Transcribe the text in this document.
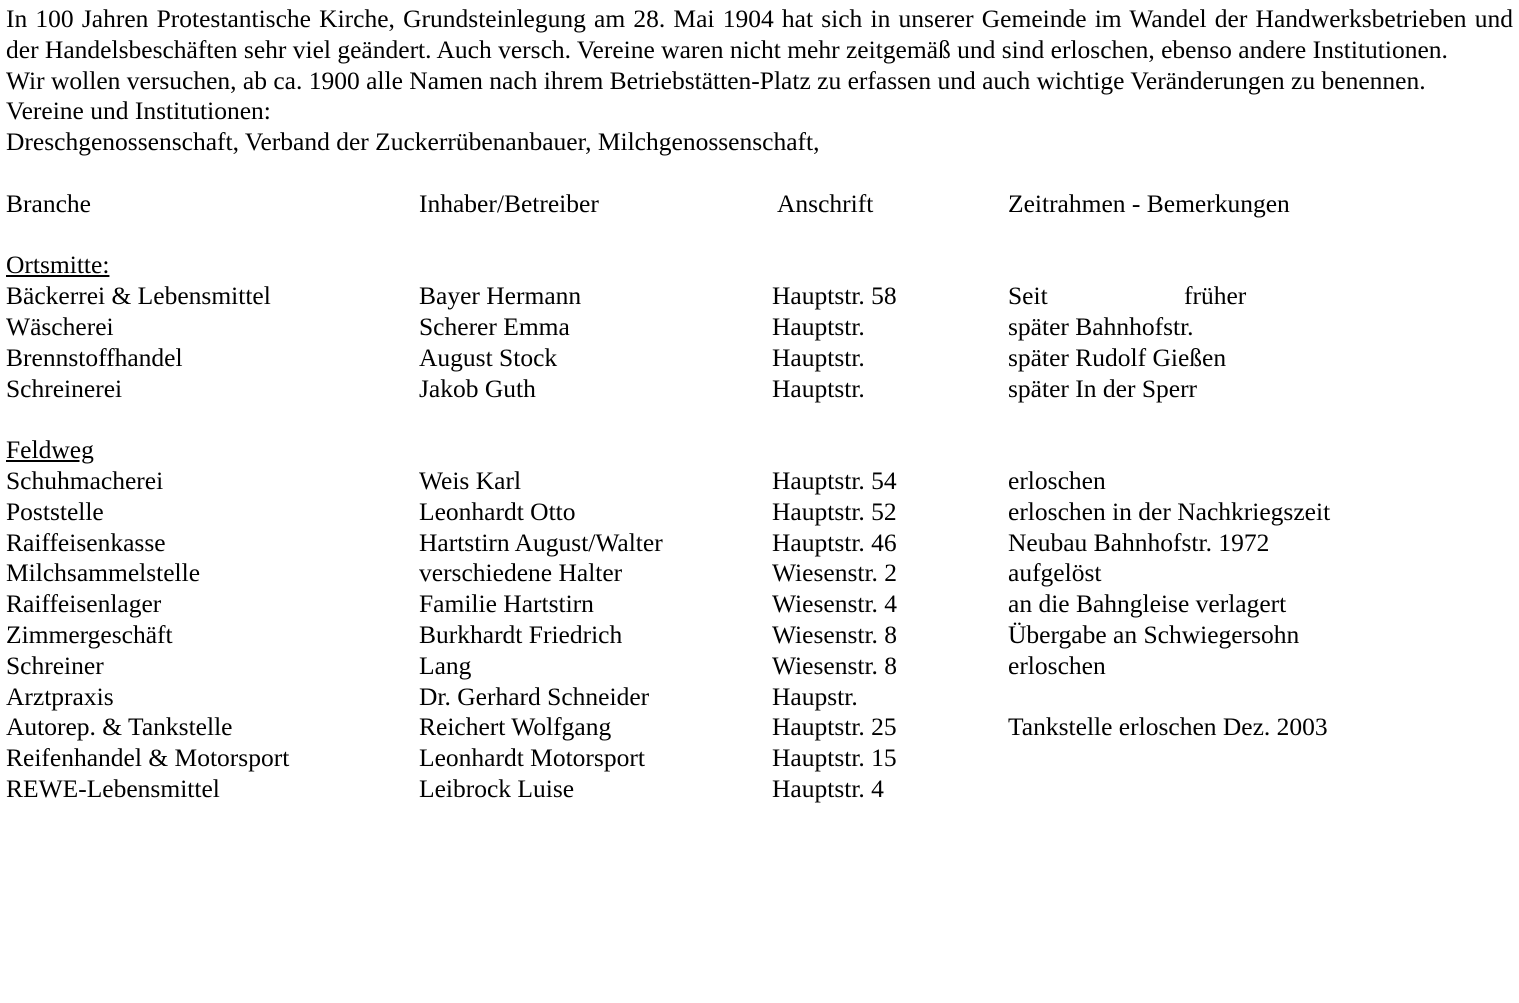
In 100 Jahren Protestantische Kirche, Grundsteinlegung am 28. Mai 1904 hat sich in unserer Gemeinde im Wandel der Handwerksbetrieben und der Handelsbeschäften sehr viel geändert. Auch versch. Vereine waren nicht mehr zeitgemäß und sind erloschen, ebenso andere Institutionen.

Wir wollen versuchen, ab ca. 1900 alle Namen nach ihrem Betriebstätten-Platz zu erfassen und auch wichtige Veränderungen zu benennen.

Vereine und Institutionen:
Dreschgenossenschaft, Verband der Zuckerrübenanbauer, Milchgenossenschaft,
Branche	Inhaber/Betreiber	Anschrift	Zeitrahmen - Bemerkungen
Ortsmitte:
Bäckerrei & Lebensmittel	Bayer Hermann	Hauptstr. 58	Seit	früher
Wäscherei	Scherer Emma	Hauptstr.	später Bahnhofstr.
Brennstoffhandel	August Stock	Hauptstr.	später Rudolf Gießen
Schreinerei	Jakob Guth	Hauptstr.	später In der Sperr
Feldweg
Schuhmacherei	Weis Karl	Hauptstr. 54	erloschen
Poststelle	Leonhardt Otto	Hauptstr. 52	erloschen in der Nachkriegszeit
Raiffeisenkasse	Hartstirn August/Walter	Hauptstr. 46	Neubau Bahnhofstr. 1972
Milchsammelstelle	verschiedene Halter	Wiesenstr. 2	aufgelöst
Raiffeisenlager	Familie Hartstirn	Wiesenstr. 4	an die Bahngleise verlagert
Zimmergeschäft	Burkhardt Friedrich	Wiesenstr. 8	Übergabe an Schwiegersohn
Schreiner	Lang	Wiesenstr. 8	erloschen
Arztpraxis	Dr. Gerhard Schneider	Haupstr.
Autorep. & Tankstelle	Reichert Wolfgang	Hauptstr. 25	Tankstelle erloschen Dez. 2003
Reifenhandel & Motorsport	Leonhardt Motorsport	Hauptstr. 15
REWE-Lebensmittel	Leibrock Luise	Hauptstr. 4
